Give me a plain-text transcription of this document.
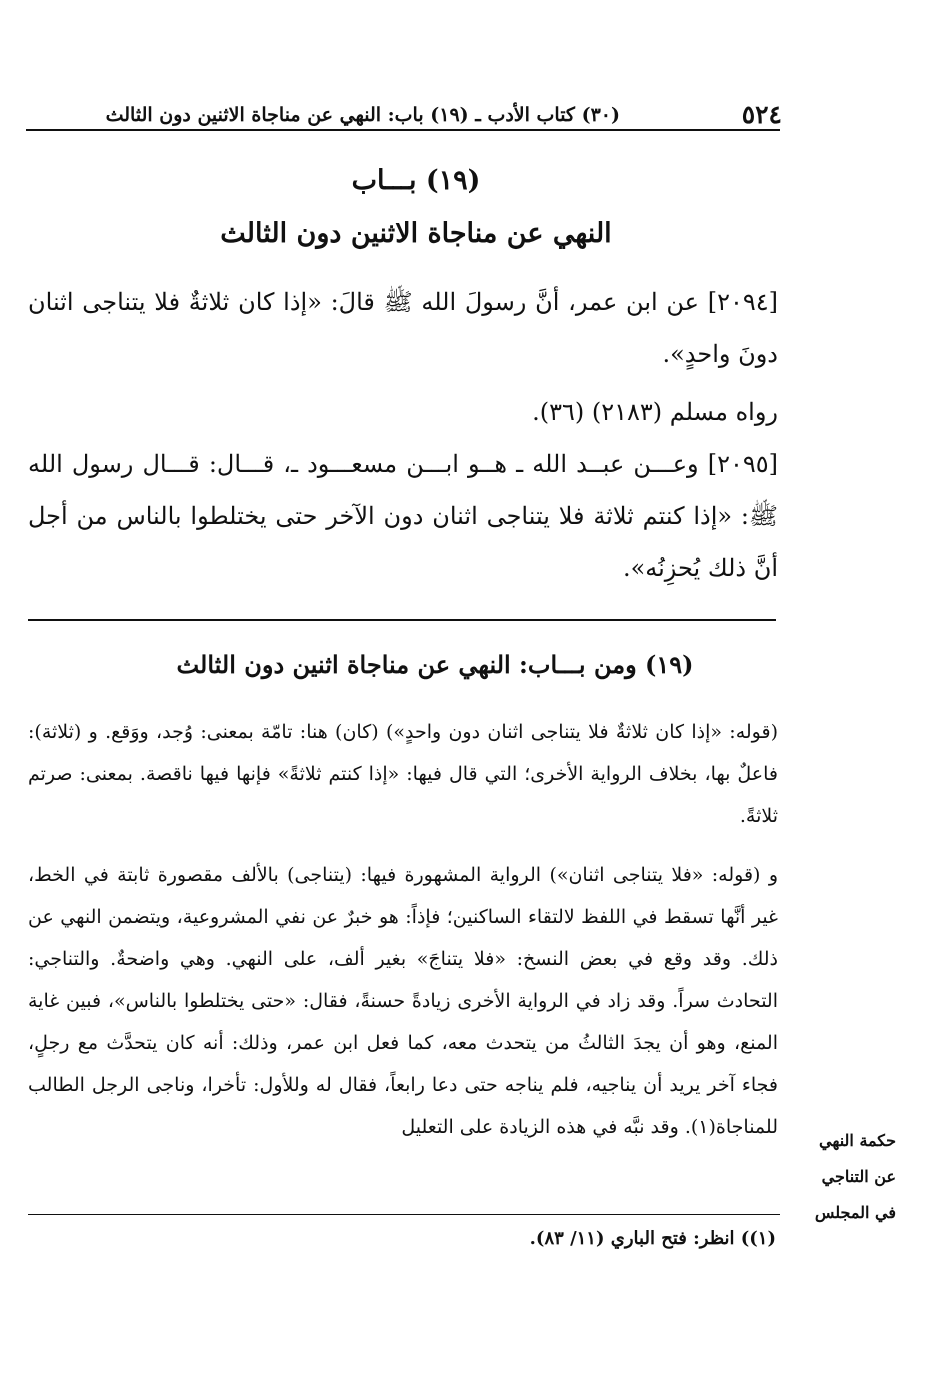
٥٢٤
(٣٠) كتاب الأدب ـ (١٩) باب: النهي عن مناجاة الاثنين دون الثالث
(١٩) بـــاب
النهي عن مناجاة الاثنين دون الثالث
[٢٠٩٤] عن ابن عمر، أنَّ رسولَ الله ﷺ قالَ: «إذا كان ثلاثةٌ فلا يتناجى اثنان دونَ واحدٍ».
رواه مسلم (٢١٨٣) (٣٦).
[٢٠٩٥] وعـــن عبــد الله ـ هــو ابـــن مسعـــود ـ، قـــال: قـــال رسول الله ﷺ: «إذا كنتم ثلاثة فلا يتناجى اثنان دون الآخر حتى يختلطوا بالناس من أجل أنَّ ذلك يُحزِنُه».
(١٩) ومن بـــاب: النهي عن مناجاة اثنين دون الثالث
(قوله: «إذا كان ثلاثةٌ فلا يتناجى اثنان دون واحدٍ») (كان) هنا: تامّة بمعنى: وُجد، ووَقع. و (ثلاثة): فاعلٌ بها، بخلاف الرواية الأخرى؛ التي قال فيها: «إذا كنتم ثلاثةً» فإنها فيها ناقصة. بمعنى: صرتم ثلاثةً.
و (قوله: «فلا يتناجى اثنان») الرواية المشهورة فيها: (يتناجى) بالألف مقصورة ثابتة في الخط، غير أنَّها تسقط في اللفظ لالتقاء الساكنين؛ فإذاً: هو خبرٌ عن نفي المشروعية، ويتضمن النهي عن ذلك. وقد وقع في بعض النسخ: «فلا يتناجَ» بغير ألف، على النهي. وهي واضحةٌ. والتناجي: التحادث سراً. وقد زاد في الرواية الأخرى زيادةً حسنةً، فقال: «حتى يختلطوا بالناس»، فبين غاية المنع، وهو أن يجدَ الثالثُ من يتحدث معه، كما فعل ابن عمر، وذلك: أنه كان يتحدَّث مع رجلٍ، فجاء آخر يريد أن يناجيه، فلم يناجه حتى دعا رابعاً، فقال له وللأول: تأخرا، وناجى الرجل الطالب للمناجاة(١). وقد نبَّه في هذه الزيادة على التعليل
حكمة النهي عن التناجي في المجلس
(١)) انظر: فتح الباري (١١/ ٨٣).
